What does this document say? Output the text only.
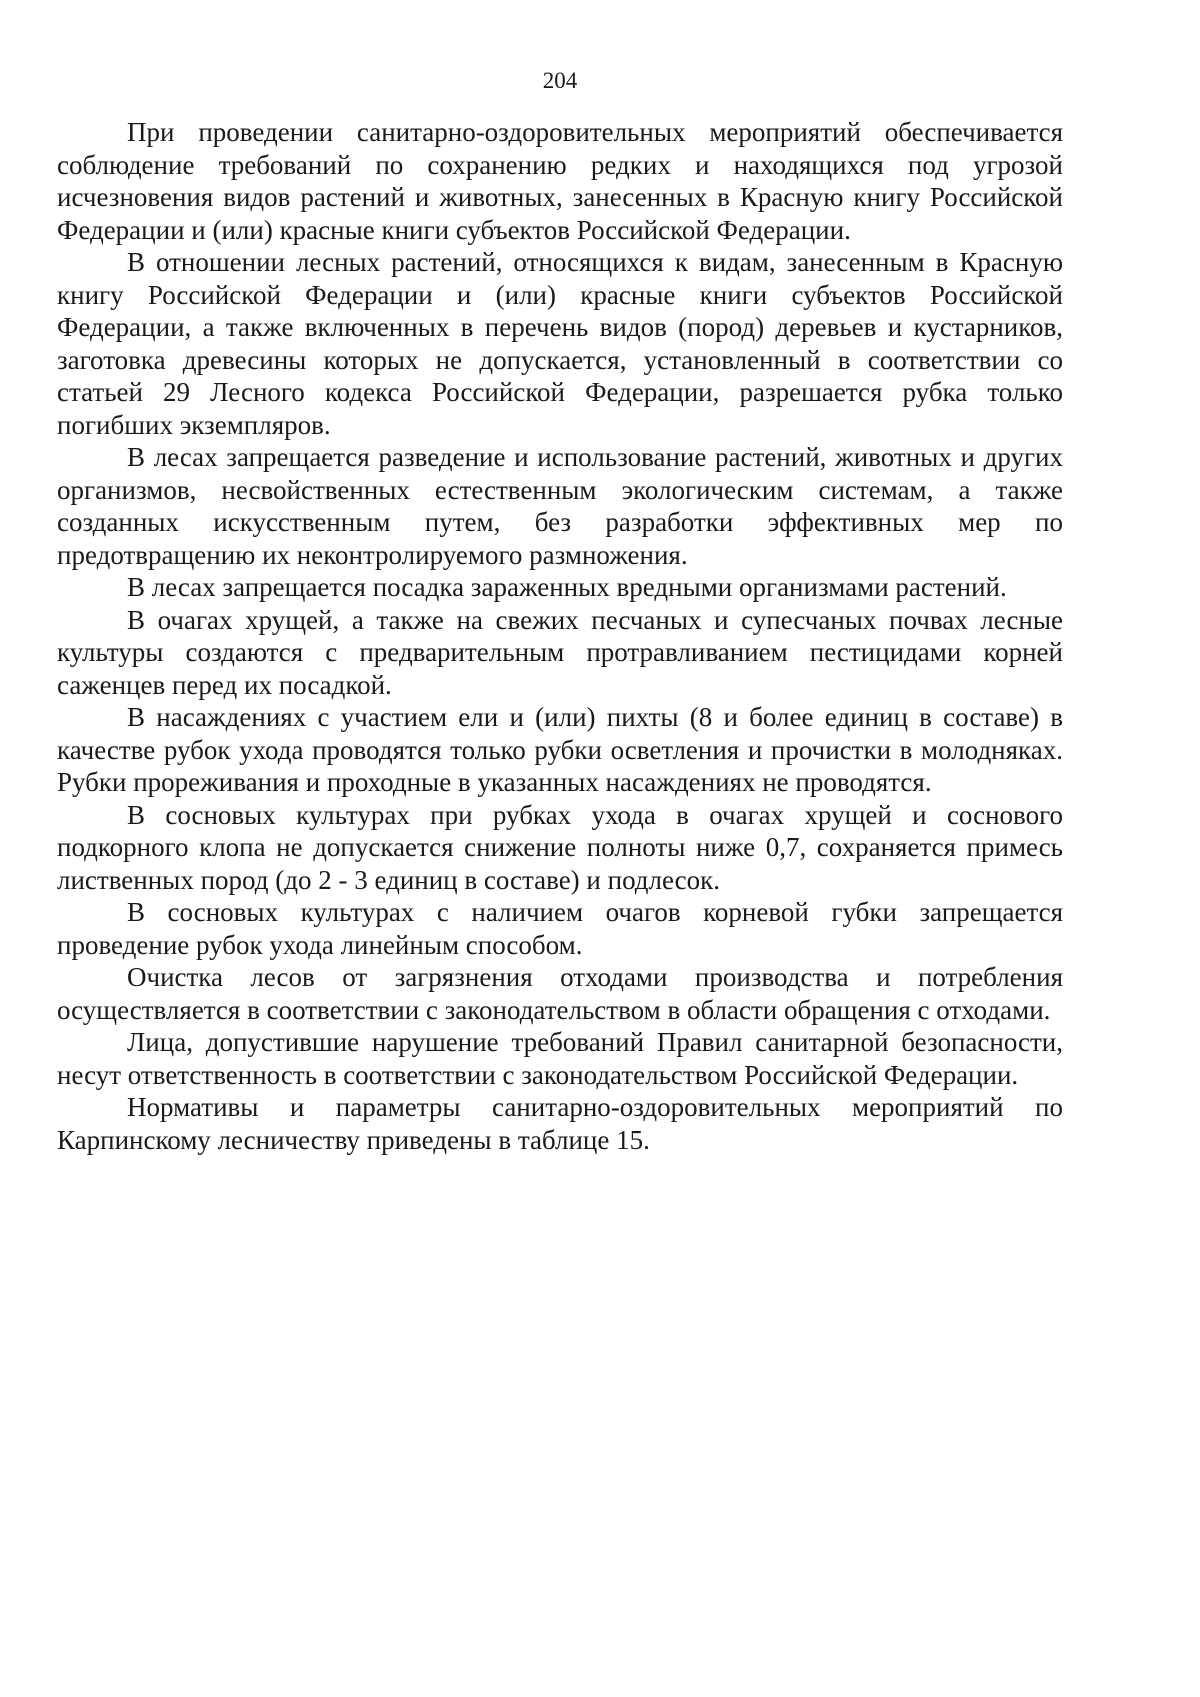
204

При проведении санитарно-оздоровительных мероприятий обеспечивается соблюдение требований по сохранению редких и находящихся под угрозой исчезновения видов растений и животных, занесенных в Красную книгу Российской Федерации и (или) красные книги субъектов Российской Федерации.

В отношении лесных растений, относящихся к видам, занесенным в Красную книгу Российской Федерации и (или) красные книги субъектов Российской Федерации, а также включенных в перечень видов (пород) деревьев и кустарников, заготовка древесины которых не допускается, установленный в соответствии со статьей 29 Лесного кодекса Российской Федерации, разрешается рубка только погибших экземпляров.

В лесах запрещается разведение и использование растений, животных и других организмов, несвойственных естественным экологическим системам, а также созданных искусственным путем, без разработки эффективных мер по предотвращению их неконтролируемого размножения.

В лесах запрещается посадка зараженных вредными организмами растений.

В очагах хрущей, а также на свежих песчаных и супесчаных почвах лесные культуры создаются с предварительным протравливанием пестицидами корней саженцев перед их посадкой.

В насаждениях с участием ели и (или) пихты (8 и более единиц в составе) в качестве рубок ухода проводятся только рубки осветления и прочистки в молодняках. Рубки прореживания и проходные в указанных насаждениях не проводятся.

В сосновых культурах при рубках ухода в очагах хрущей и соснового подкорного клопа не допускается снижение полноты ниже 0,7, сохраняется примесь лиственных пород (до 2 - 3 единиц в составе) и подлесок.

В сосновых культурах с наличием очагов корневой губки запрещается проведение рубок ухода линейным способом.

Очистка лесов от загрязнения отходами производства и потребления осуществляется в соответствии с законодательством в области обращения с отходами.

Лица, допустившие нарушение требований Правил санитарной безопасности, несут ответственность в соответствии с законодательством Российской Федерации.

Нормативы и параметры санитарно-оздоровительных мероприятий по Карпинскому лесничеству приведены в таблице 15.
